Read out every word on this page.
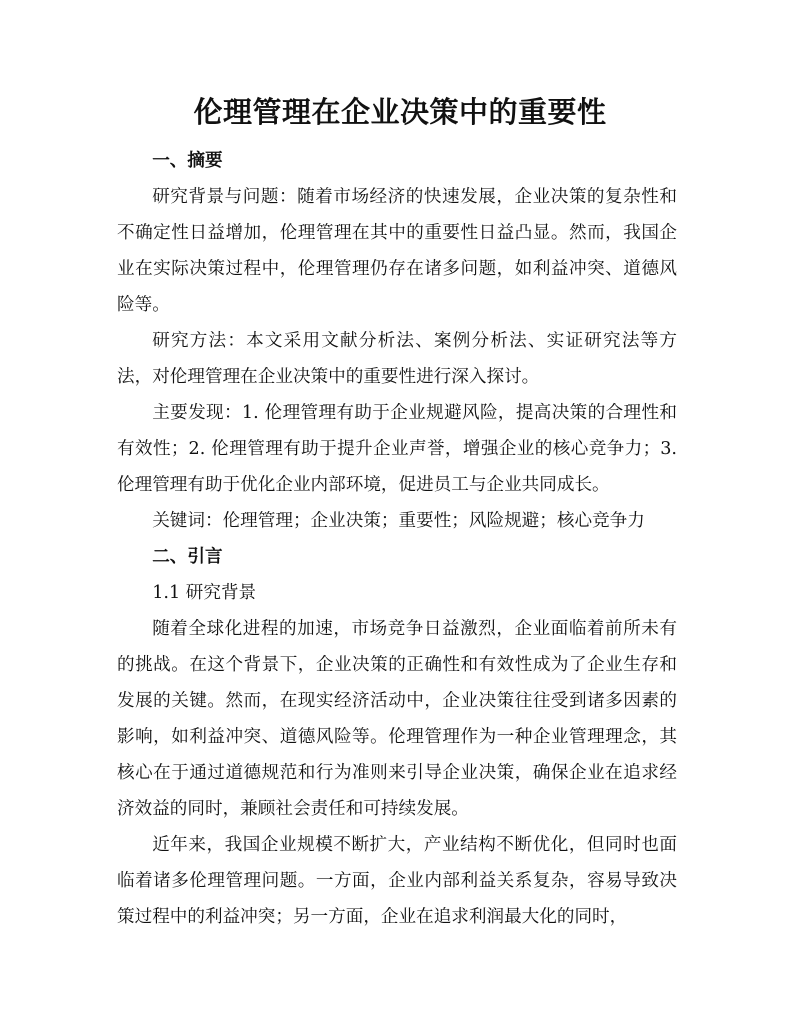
伦理管理在企业决策中的重要性

一、摘要

研究背景与问题：随着市场经济的快速发展，企业决策的复杂性和不确定性日益增加，伦理管理在其中的重要性日益凸显。然而，我国企业在实际决策过程中，伦理管理仍存在诸多问题，如利益冲突、道德风险等。

研究方法：本文采用文献分析法、案例分析法、实证研究法等方法，对伦理管理在企业决策中的重要性进行深入探讨。

主要发现：1. 伦理管理有助于企业规避风险，提高决策的合理性和有效性；2. 伦理管理有助于提升企业声誉，增强企业的核心竞争力；3. 伦理管理有助于优化企业内部环境，促进员工与企业共同成长。

关键词：伦理管理；企业决策；重要性；风险规避；核心竞争力

二、引言

1.1 研究背景

随着全球化进程的加速，市场竞争日益激烈，企业面临着前所未有的挑战。在这个背景下，企业决策的正确性和有效性成为了企业生存和发展的关键。然而，在现实经济活动中，企业决策往往受到诸多因素的影响，如利益冲突、道德风险等。伦理管理作为一种企业管理理念，其核心在于通过道德规范和行为准则来引导企业决策，确保企业在追求经济效益的同时，兼顾社会责任和可持续发展。

近年来，我国企业规模不断扩大，产业结构不断优化，但同时也面临着诸多伦理管理问题。一方面，企业内部利益关系复杂，容易导致决策过程中的利益冲突；另一方面，企业在追求利润最大化的同时，
